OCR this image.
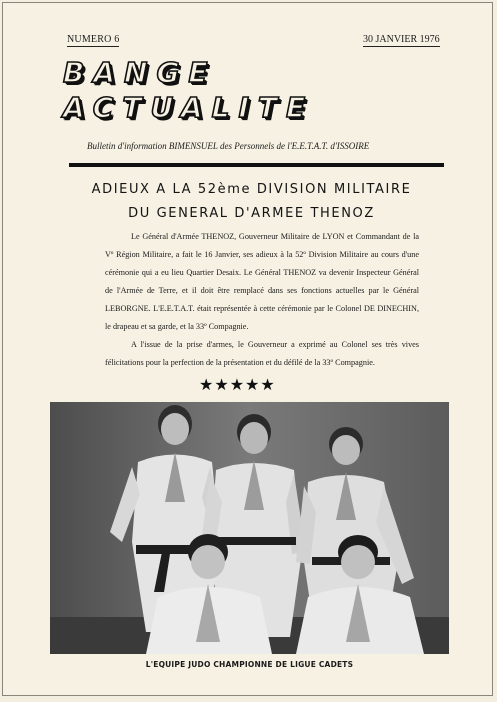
NUMERO 6	30 JANVIER 1976
BANGE
ACTUALITE
Bulletin d'information BIMENSUEL des Personnels de l'E.E.T.A.T. d'ISSOIRE
ADIEUX A LA 52ème DIVISION MILITAIRE
DU GENERAL D'ARMEE THENOZ
Le Général d'Armée THENOZ, Gouverneur Militaire de LYON et Commandant de la Vº Région Militaire, a fait le 16 Janvier, ses adieux à la 52º Division Militaire au cours d'une cérémonie qui a eu lieu Quartier Desaix. Le Général THENOZ va devenir Inspecteur Général de l'Armée de Terre, et il doit être remplacé dans ses fonctions actuelles par le Général LEBORGNE. L'E.E.T.A.T. était représentée à cette cérémonie par le Colonel DE DINECHIN, le drapeau et sa garde, et la 33º Compagnie.
A l'issue de la prise d'armes, le Gouverneur a exprimé au Colonel ses très vives félicitations pour la perfection de la présentation et du défilé de la 33º Compagnie.
★★★★★
L'EQUIPE JUDO CHAMPIONNE DE LIGUE CADETS
